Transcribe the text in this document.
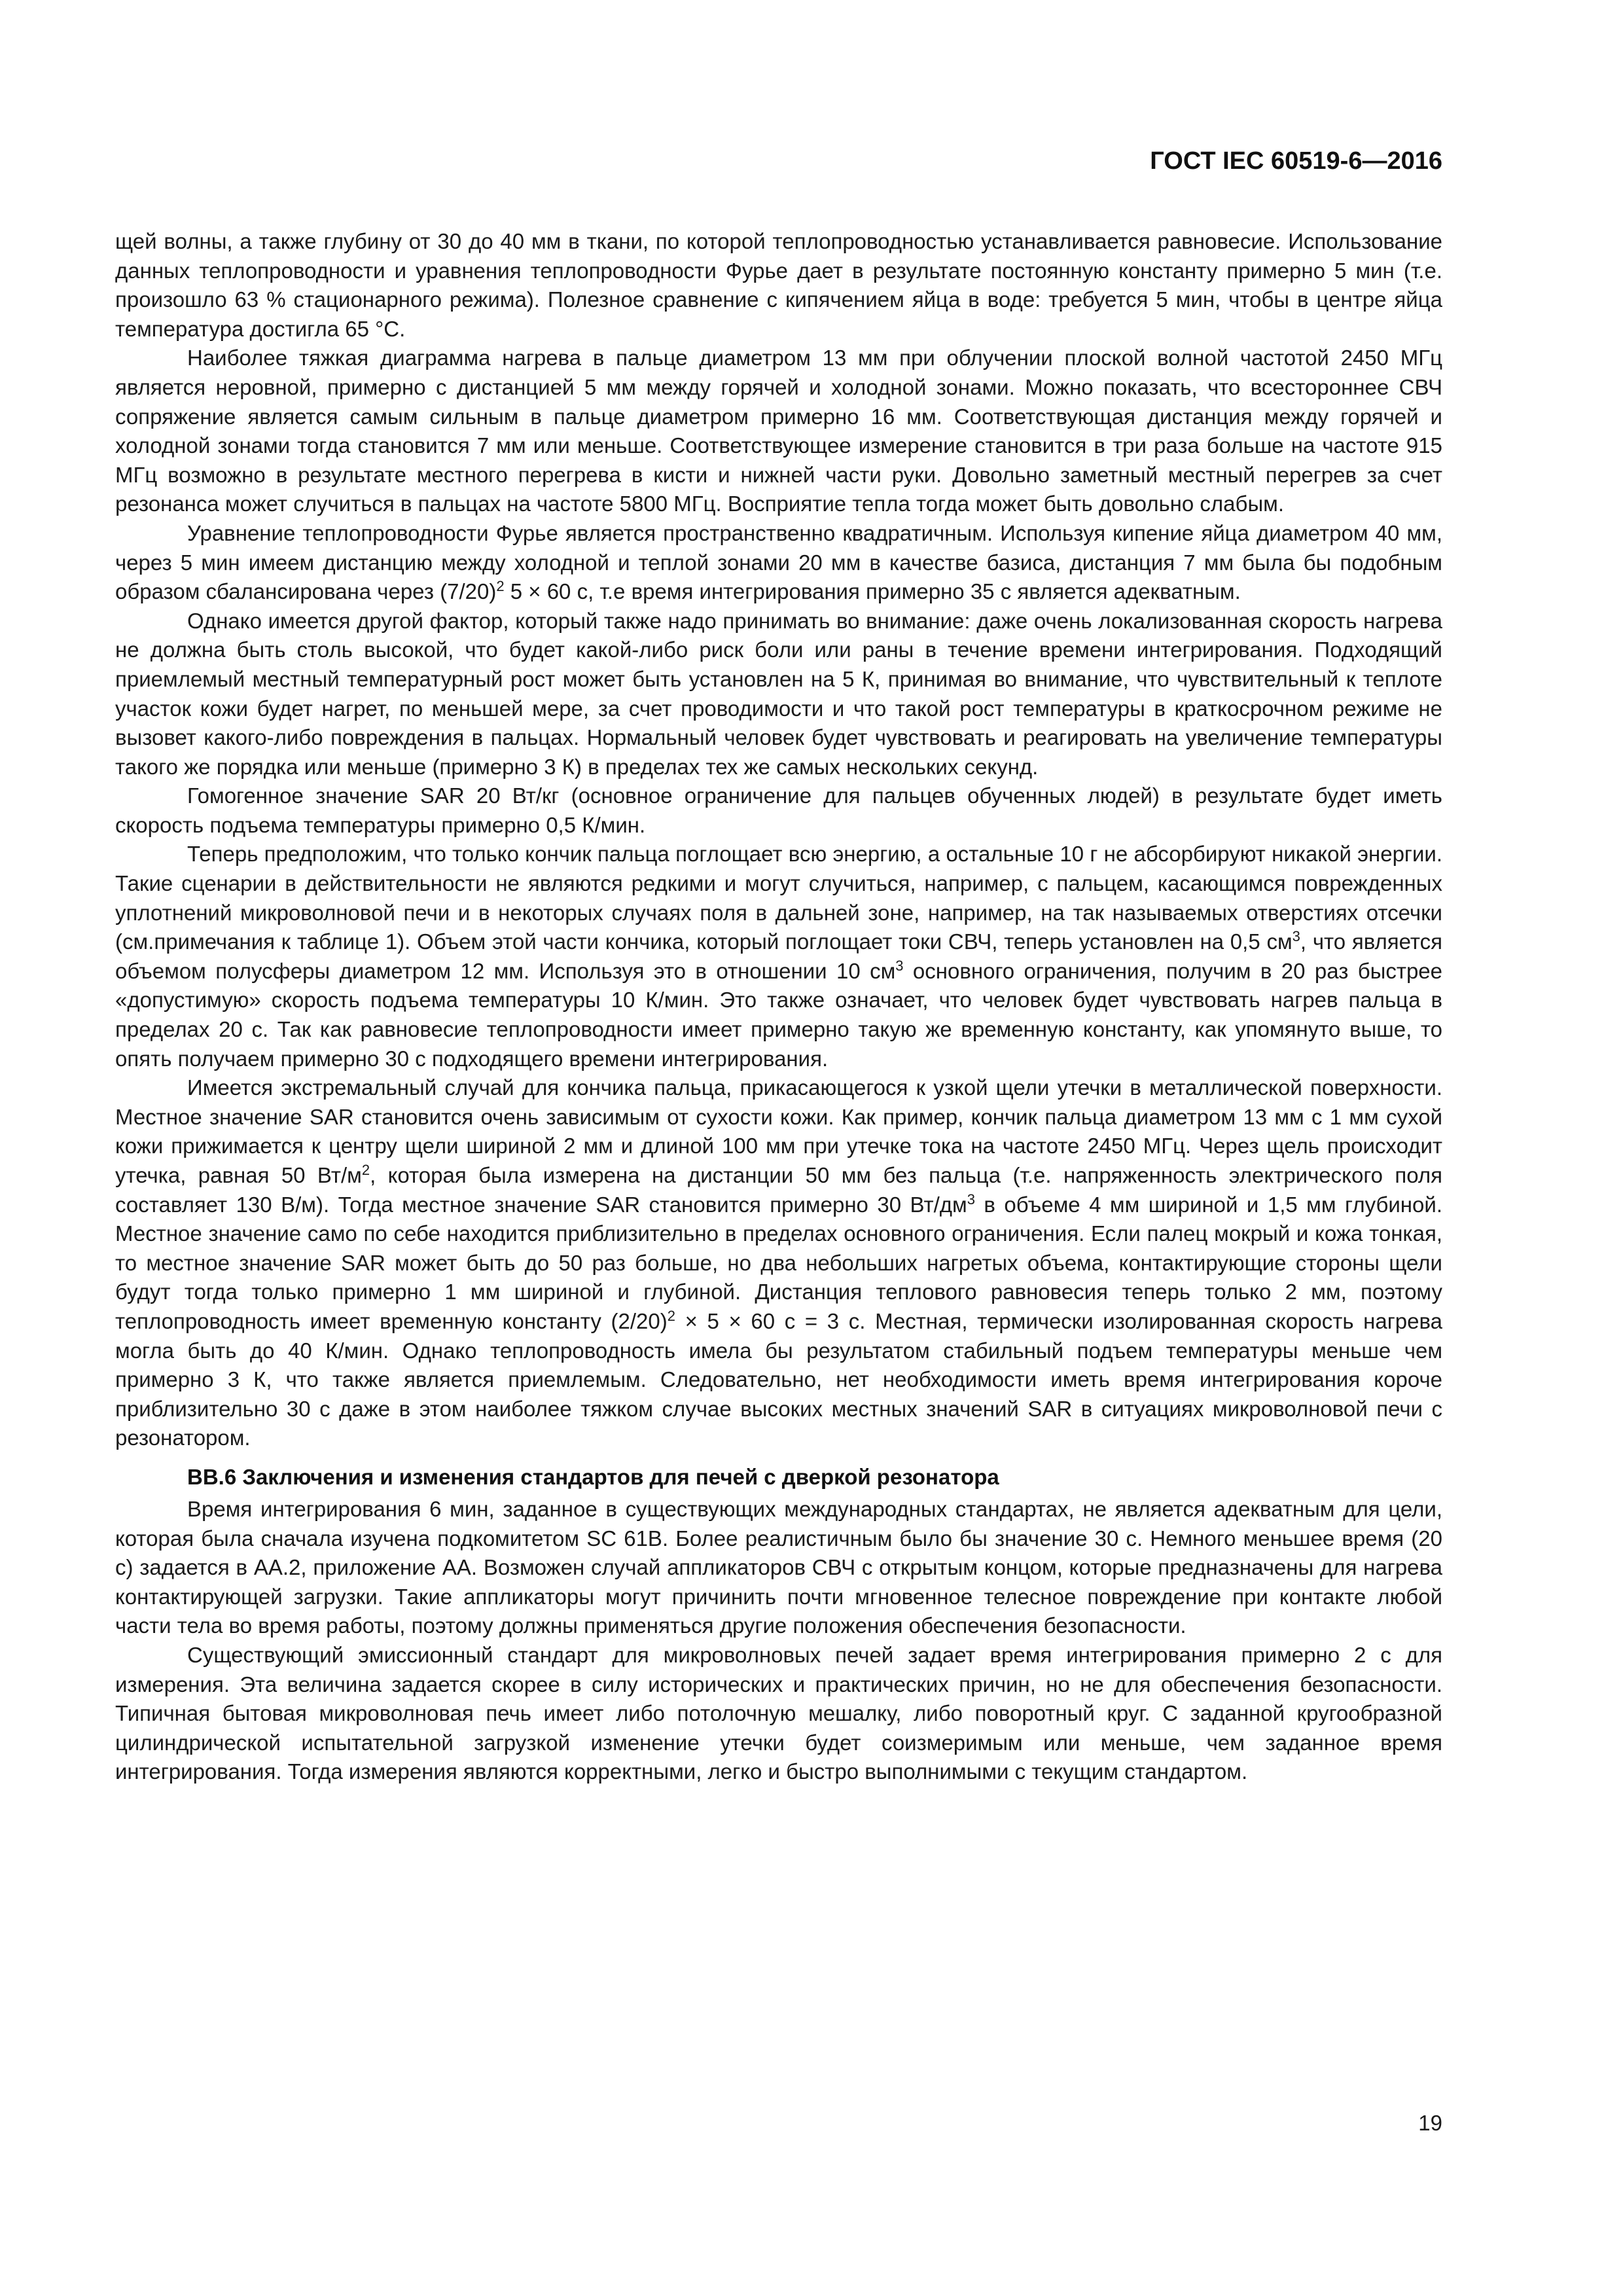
ГОСТ IEC 60519-6—2016

щей волны, а также глубину от 30 до 40 мм в ткани, по которой теплопроводностью устанавливается равновесие. Использование данных теплопроводности и уравнения теплопроводности Фурье дает в результате постоянную константу примерно 5 мин (т.е. произошло 63 % стационарного режима). Полезное сравнение с кипячением яйца в воде: требуется 5 мин, чтобы в центре яйца температура достигла 65 °С.

Наиболее тяжкая диаграмма нагрева в пальце диаметром 13 мм при облучении плоской волной частотой 2450 МГц является неровной, примерно с дистанцией 5 мм между горячей и холодной зонами. Можно показать, что всестороннее СВЧ сопряжение является самым сильным в пальце диаметром примерно 16 мм. Соответствующая дистанция между горячей и холодной зонами тогда становится 7 мм или меньше. Соответствующее измерение становится в три раза больше на частоте 915 МГц возможно в результате местного перегрева в кисти и нижней части руки. Довольно заметный местный перегрев за счет резонанса может случиться в пальцах на частоте 5800 МГц. Восприятие тепла тогда может быть довольно слабым.

Уравнение теплопроводности Фурье является пространственно квадратичным. Используя кипение яйца диаметром 40 мм, через 5 мин имеем дистанцию между холодной и теплой зонами 20 мм в качестве базиса, дистанция 7 мм была бы подобным образом сбалансирована через $(7/20)^2$ 5 × 60 с, т.е время интегрирования примерно 35 с является адекватным.

Однако имеется другой фактор, который также надо принимать во внимание: даже очень локализованная скорость нагрева не должна быть столь высокой, что будет какой-либо риск боли или раны в течение времени интегрирования. Подходящий приемлемый местный температурный рост может быть установлен на 5 К, принимая во внимание, что чувствительный к теплоте участок кожи будет нагрет, по меньшей мере, за счет проводимости и что такой рост температуры в краткосрочном режиме не вызовет какого-либо повреждения в пальцах. Нормальный человек будет чувствовать и реагировать на увеличение температуры такого же порядка или меньше (примерно 3 К) в пределах тех же самых нескольких секунд.

Гомогенное значение SAR 20 Вт/кг (основное ограничение для пальцев обученных людей) в результате будет иметь скорость подъема температуры примерно 0,5 К/мин.

Теперь предположим, что только кончик пальца поглощает всю энергию, а остальные 10 г не абсорбируют никакой энергии. Такие сценарии в действительности не являются редкими и могут случиться, например, с пальцем, касающимся поврежденных уплотнений микроволновой печи и в некоторых случаях поля в дальней зоне, например, на так называемых отверстиях отсечки (см.примечания к таблице 1). Объем этой части кончика, который поглощает токи СВЧ, теперь установлен на 0,5 $см^3$, что является объемом полусферы диаметром 12 мм. Используя это в отношении 10 $см^3$ основного ограничения, получим в 20 раз быстрее «допустимую» скорость подъема температуры 10 К/мин. Это также означает, что человек будет чувствовать нагрев пальца в пределах 20 с. Так как равновесие теплопроводности имеет примерно такую же временную константу, как упомянуто выше, то опять получаем примерно 30 с подходящего времени интегрирования.

Имеется экстремальный случай для кончика пальца, прикасающегося к узкой щели утечки в металлической поверхности. Местное значение SAR становится очень зависимым от сухости кожи. Как пример, кончик пальца диаметром 13 мм с 1 мм сухой кожи прижимается к центру щели шириной 2 мм и длиной 100 мм при утечке тока на частоте 2450 МГц. Через щель происходит утечка, равная 50 $Вт/м^2$, которая была измерена на дистанции 50 мм без пальца (т.е. напряженность электрического поля составляет 130 В/м). Тогда местное значение SAR становится примерно 30 $Вт/дм^3$ в объеме 4 мм шириной и 1,5 мм глубиной. Местное значение само по себе находится приблизительно в пределах основного ограничения. Если палец мокрый и кожа тонкая, то местное значение SAR может быть до 50 раз больше, но два небольших нагретых объема, контактирующие стороны щели будут тогда только примерно 1 мм шириной и глубиной. Дистанция теплового равновесия теперь только 2 мм, поэтому теплопроводность имеет временную константу $(2/20)^2 \times 5 \times 60$ с = 3 с. Местная, термически изолированная скорость нагрева могла быть до 40 К/мин. Однако теплопроводность имела бы результатом стабильный подъем температуры меньше чем примерно 3 К, что также является приемлемым. Следовательно, нет необходимости иметь время интегрирования короче приблизительно 30 с даже в этом наиболее тяжком случае высоких местных значений SAR в ситуациях микроволновой печи с резонатором.

ВВ.6 Заключения и изменения стандартов для печей с дверкой резонатора

Время интегрирования 6 мин, заданное в существующих международных стандартах, не является адекватным для цели, которая была сначала изучена подкомитетом SC 61B. Более реалистичным было бы значение 30 с. Немного меньшее время (20 с) задается в АА.2, приложение АА. Возможен случай аппликаторов СВЧ с открытым концом, которые предназначены для нагрева контактирующей загрузки. Такие аппликаторы могут причинить почти мгновенное телесное повреждение при контакте любой части тела во время работы, поэтому должны применяться другие положения обеспечения безопасности.

Существующий эмиссионный стандарт для микроволновых печей задает время интегрирования примерно 2 с для измерения. Эта величина задается скорее в силу исторических и практических причин, но не для обеспечения безопасности. Типичная бытовая микроволновая печь имеет либо потолочную мешалку, либо поворотный круг. С заданной кругообразной цилиндрической испытательной загрузкой изменение утечки будет соизмеримым или меньше, чем заданное время интегрирования. Тогда измерения являются корректными, легко и быстро выполнимыми с текущим стандартом.

19
